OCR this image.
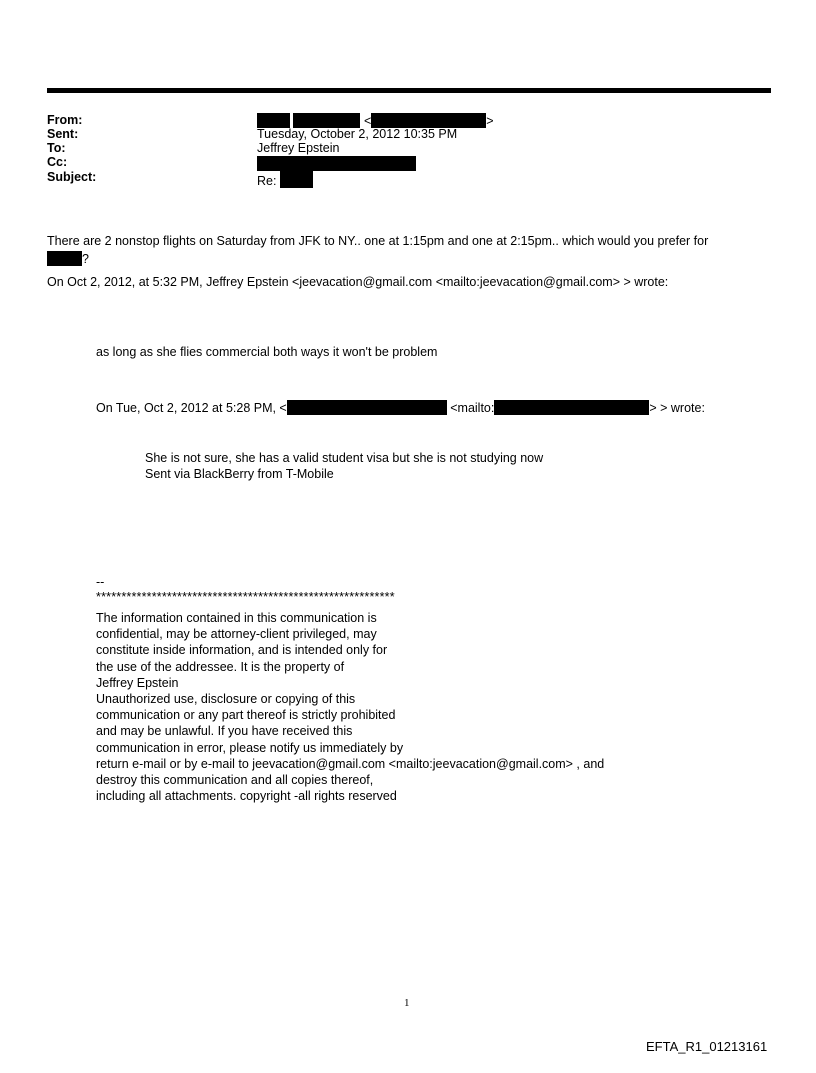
From:	<	>
Sent:	Tuesday, October 2, 2012 10:35 PM
To:	Jeffrey Epstein
Cc:
Subject:	Re:
There are 2 nonstop flights on Saturday from JFK to NY.. one at 1:15pm and one at 2:15pm.. which would you prefer for
?
On Oct 2, 2012, at 5:32 PM, Jeffrey Epstein <jeevacation@gmail.com <mailto:jeevacation@gmail.com> > wrote:
as long as she flies commercial both ways it won't be problem
On Tue, Oct 2, 2012 at 5:28 PM, <	<mailto:	> > wrote:
She is not sure, she has a valid student visa but she is not studying now
Sent via BlackBerry from T-Mobile
--
***********************************************************
The information contained in this communication is
confidential, may be attorney-client privileged, may
constitute inside information, and is intended only for
the use of the addressee. It is the property of
Jeffrey Epstein
Unauthorized use, disclosure or copying of this
communication or any part thereof is strictly prohibited
and may be unlawful. If you have received this
communication in error, please notify us immediately by
return e-mail or by e-mail to jeevacation@gmail.com <mailto:jeevacation@gmail.com> , and
destroy this communication and all copies thereof,
including all attachments. copyright -all rights reserved
1
EFTA_R1_01213161
